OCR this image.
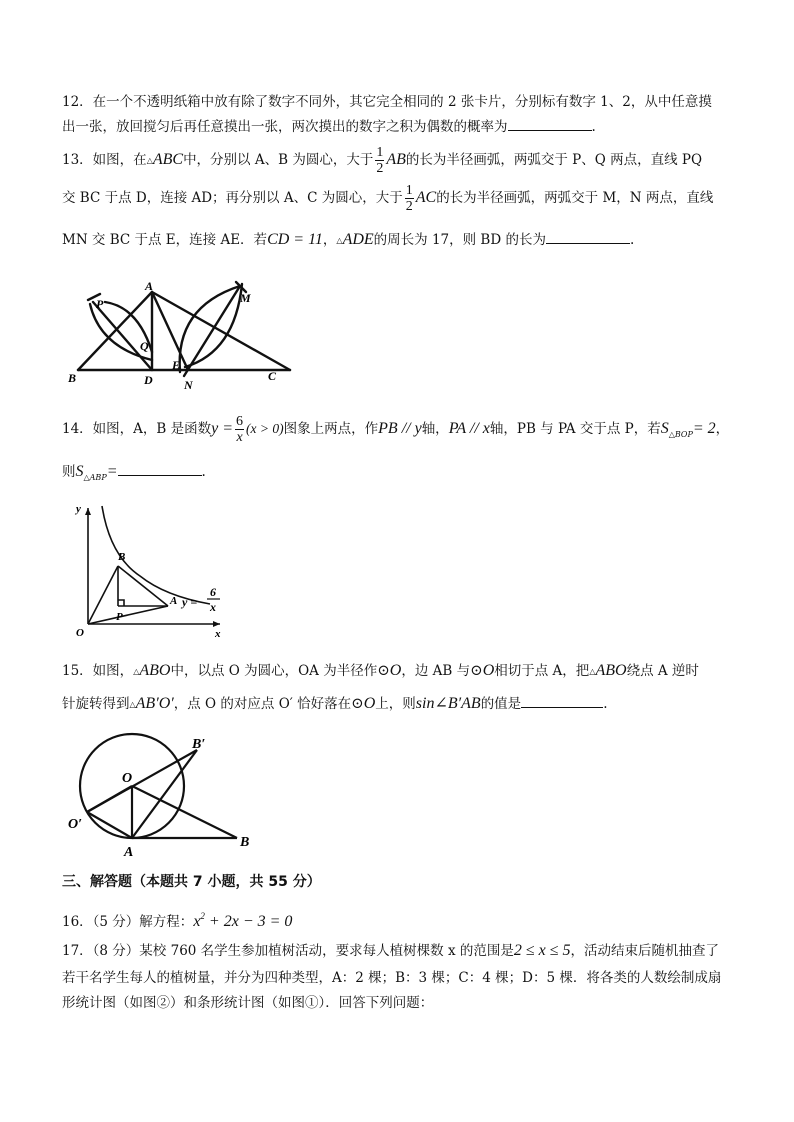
12．在一个不透明纸箱中放有除了数字不同外，其它完全相同的 2 张卡片，分别标有数字 1、2，从中任意摸
出一张，放回搅匀后再任意摸出一张，两次摸出的数字之积为偶数的概率为	.
13．如图，在△ABC中，分别以 A、B 为圆心，大于 $\frac{1}{2}$ AB的长为半径画弧，两弧交于 P、Q 两点，直线 PQ
交 BC 于点 D，连接 AD；再分别以 A、C 为圆心，大于 $\frac{1}{2}$ AC的长为半径画弧，两弧交于 M，N 两点，直线
MN 交 BC 于点 E，连接 AE．若CD = 11，△ADE的周长为 17，则 BD 的长为	.
A
B	C
D
E
P
Q
M
N
14．如图，A，B 是函数$y = \frac{6}{x} (x > 0)$图象上两点，作PB // y轴，PA // x轴，PB 与 PA 交于点 P，若$S_{\triangle BOP}= 2$，
则$S_{\triangle ABP}=$	.
y
x
O
B
A
P
y =
6
x
15．如图，△ABO中，以点 O 为圆心，OA 为半径作⊙O，边 AB 与⊙O相切于点 A，把△ABO绕点 A 逆时
针旋转得到△AB′O′，点 O 的对应点 O′ 恰好落在⊙O上，则sin∠B′AB的值是	.
O
A
B
B′
O′
三、解答题（本题共 7 小题，共 55 分）
16．（5 分）解方程：$x^2 + 2x - 3 = 0$
17．（8 分）某校 760 名学生参加植树活动，要求每人植树棵数 x 的范围是2 ≤ x ≤ 5，活动结束后随机抽查了
若干名学生每人的植树量，并分为四种类型，A：2 棵；B：3 棵；C：4 棵；D：5 棵．将各类的人数绘制成扇
形统计图（如图②）和条形统计图（如图①）．回答下列问题：
